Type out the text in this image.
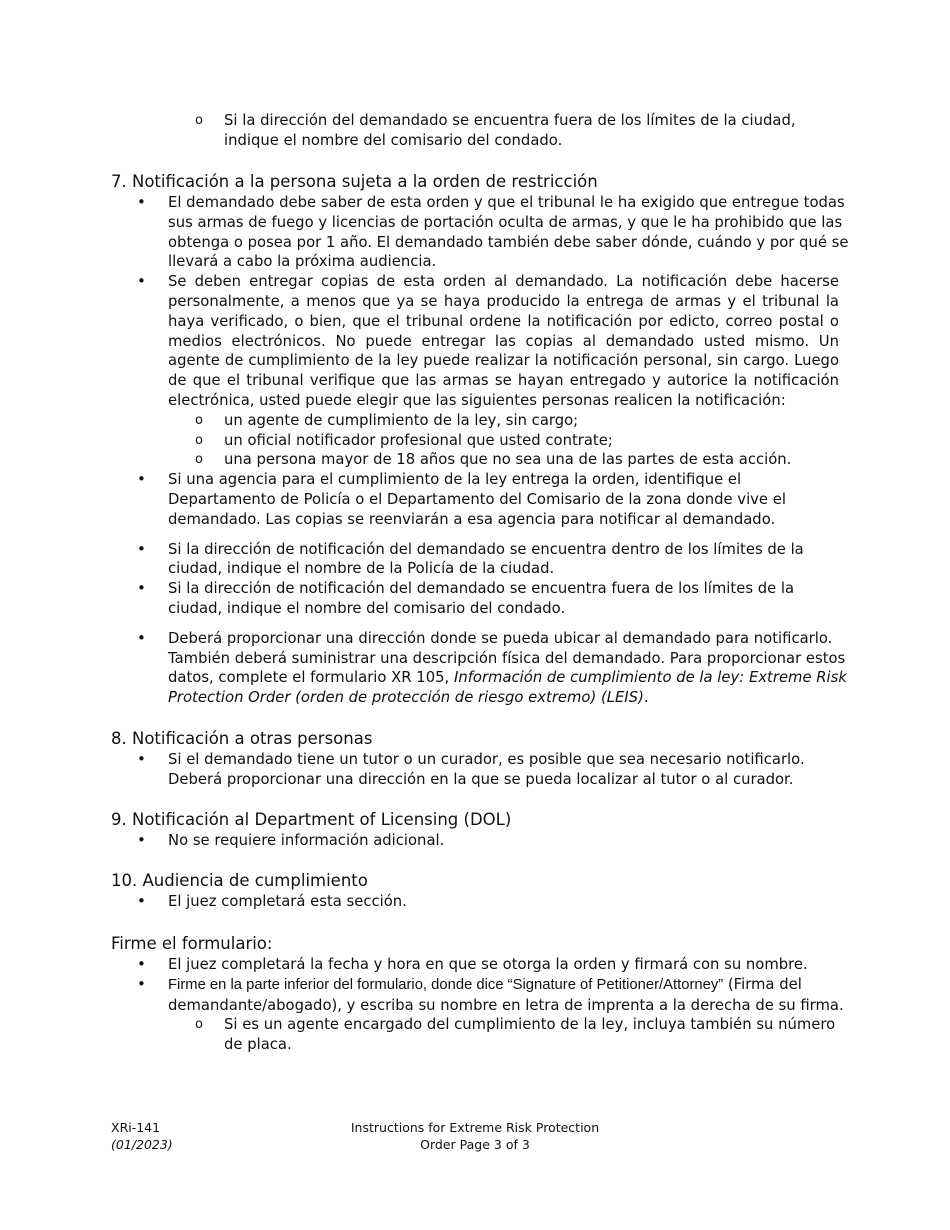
o Si la dirección del demandado se encuentra fuera de los límites de la ciudad, indique el nombre del comisario del condado.
7. Notificación a la persona sujeta a la orden de restricción
• El demandado debe saber de esta orden y que el tribunal le ha exigido que entregue todas sus armas de fuego y licencias de portación oculta de armas, y que le ha prohibido que las obtenga o posea por 1 año. El demandado también debe saber dónde, cuándo y por qué se llevará a cabo la próxima audiencia.
• Se deben entregar copias de esta orden al demandado. La notificación debe hacerse personalmente, a menos que ya se haya producido la entrega de armas y el tribunal la haya verificado, o bien, que el tribunal ordene la notificación por edicto, correo postal o medios electrónicos. No puede entregar las copias al demandado usted mismo. Un agente de cumplimiento de la ley puede realizar la notificación personal, sin cargo. Luego de que el tribunal verifique que las armas se hayan entregado y autorice la notificación electrónica, usted puede elegir que las siguientes personas realicen la notificación:
o un agente de cumplimiento de la ley, sin cargo;
o un oficial notificador profesional que usted contrate;
o una persona mayor de 18 años que no sea una de las partes de esta acción.
• Si una agencia para el cumplimiento de la ley entrega la orden, identifique el Departamento de Policía o el Departamento del Comisario de la zona donde vive el demandado. Las copias se reenviarán a esa agencia para notificar al demandado.
• Si la dirección de notificación del demandado se encuentra dentro de los límites de la ciudad, indique el nombre de la Policía de la ciudad.
• Si la dirección de notificación del demandado se encuentra fuera de los límites de la ciudad, indique el nombre del comisario del condado.
• Deberá proporcionar una dirección donde se pueda ubicar al demandado para notificarlo. También deberá suministrar una descripción física del demandado. Para proporcionar estos datos, complete el formulario XR 105, Información de cumplimiento de la ley: Extreme Risk Protection Order (orden de protección de riesgo extremo) (LEIS).
8. Notificación a otras personas
• Si el demandado tiene un tutor o un curador, es posible que sea necesario notificarlo. Deberá proporcionar una dirección en la que se pueda localizar al tutor o al curador.
9. Notificación al Department of Licensing (DOL)
• No se requiere información adicional.
10. Audiencia de cumplimiento
• El juez completará esta sección.
Firme el formulario:
• El juez completará la fecha y hora en que se otorga la orden y firmará con su nombre.
• Firme en la parte inferior del formulario, donde dice “Signature of Petitioner/Attorney” (Firma del demandante/abogado), y escriba su nombre en letra de imprenta a la derecha de su firma.
o Si es un agente encargado del cumplimiento de la ley, incluya también su número de placa.
XRi-141
(01/2023)
Instructions for Extreme Risk Protection
Order Page 3 of 3
